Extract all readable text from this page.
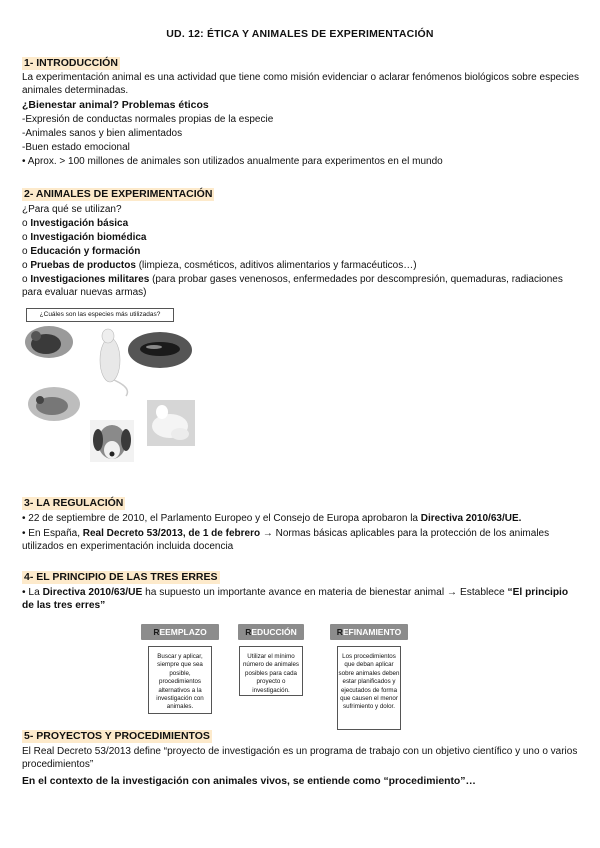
UD. 12: ÉTICA Y ANIMALES DE EXPERIMENTACIÓN
1- INTRODUCCIÓN
La experimentación animal es una actividad que tiene como misión evidenciar o aclarar fenómenos biológicos sobre especies animales determinadas.
¿Bienestar animal? Problemas éticos
-Expresión de conductas normales propias de la especie
-Animales sanos y bien alimentados
-Buen estado emocional
• Aprox. > 100 millones de animales son utilizados anualmente para experimentos en el mundo
2- ANIMALES DE EXPERIMENTACIÓN
¿Para qué se utilizan?
o Investigación básica
o Investigación biomédica
o Educación y formación
o Pruebas de productos (limpieza, cosméticos, aditivos alimentarios y farmacéuticos…)
o Investigaciones militares (para probar gases venenosos, enfermedades por descompresión, quemaduras, radiaciones para evaluar nuevas armas)
¿Cuáles son las especies más utilizadas?
3- LA REGULACIÓN
• 22 de septiembre de 2010, el Parlamento Europeo y el Consejo de Europa aprobaron la Directiva 2010/63/UE.
• En España, Real Decreto 53/2013, de 1 de febrero → Normas básicas aplicables para la protección de los animales utilizados en experimentación incluida docencia
4- EL PRINCIPIO DE LAS TRES ERRES
• La Directiva 2010/63/UE ha supuesto un importante avance en materia de bienestar animal → Establece “El principio de las tres erres”
REEMPLAZO
Buscar y aplicar, siempre que sea posible, procedimientos alternativos a la investigación con animales.
REDUCCIÓN
Utilizar el mínimo número de animales posibles para cada proyecto o investigación.
REFINAMIENTO
Los procedimientos que deban aplicar sobre animales deben estar planificados y ejecutados de forma que causen el menor sufrimiento y dolor.
5- PROYECTOS Y PROCEDIMIENTOS
El Real Decreto 53/2013 define “proyecto de investigación es un programa de trabajo con un objetivo científico y uno o varios procedimientos”
En el contexto de la investigación con animales vivos, se entiende como “procedimiento”…
